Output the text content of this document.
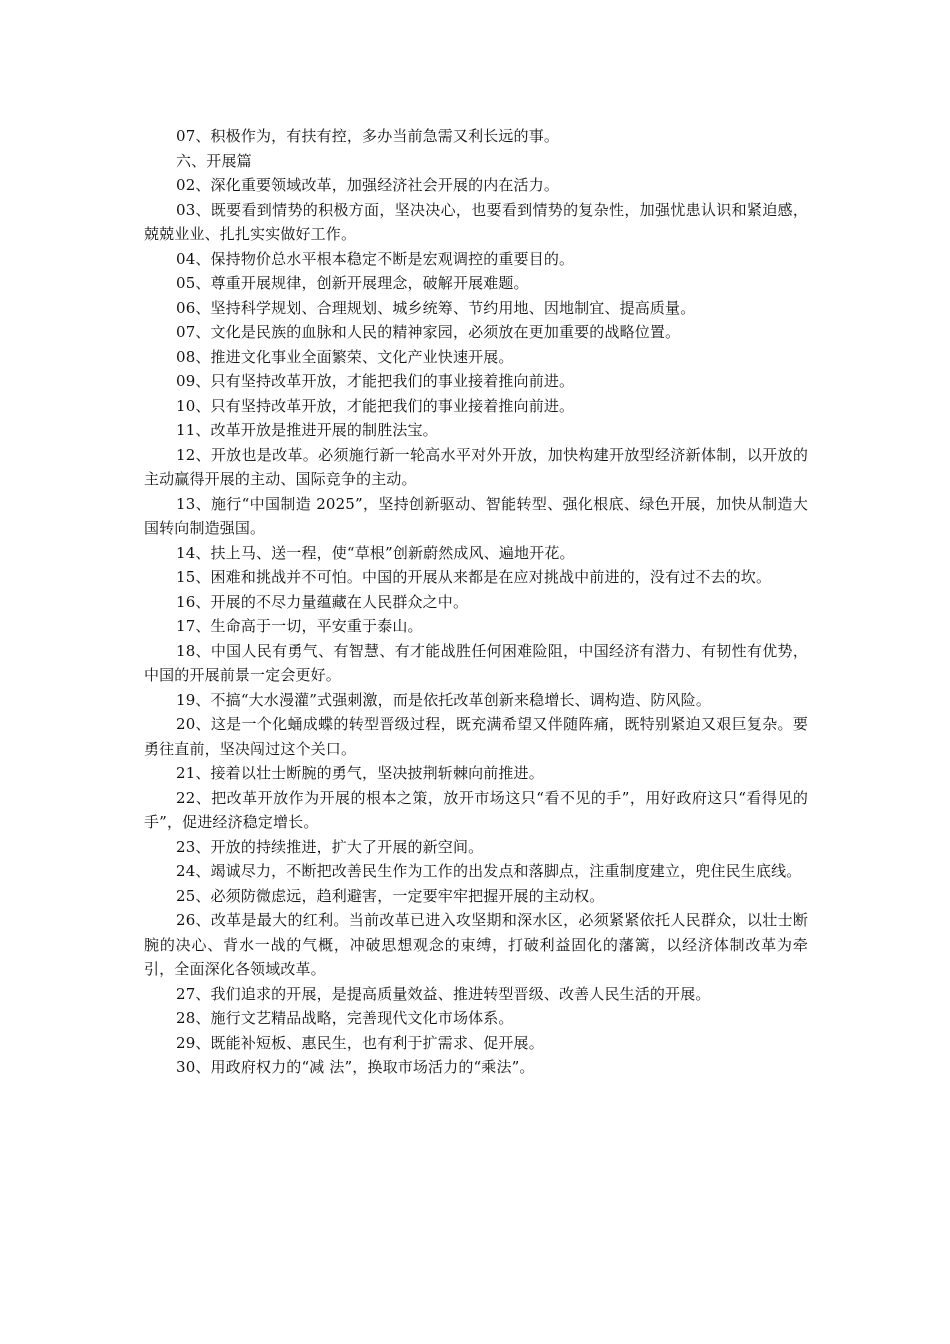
07、积极作为，有扶有控，多办当前急需又利长远的事。

六、开展篇

02、深化重要领域改革，加强经济社会开展的内在活力。

03、既要看到情势的积极方面，坚决决心，也要看到情势的复杂性，加强忧患认识和紧迫感，兢兢业业、扎扎实实做好工作。

04、保持物价总水平根本稳定不断是宏观调控的重要目的。

05、尊重开展规律，创新开展理念，破解开展难题。

06、坚持科学规划、合理规划、城乡统筹、节约用地、因地制宜、提高质量。

07、文化是民族的血脉和人民的精神家园，必须放在更加重要的战略位置。

08、推进文化事业全面繁荣、文化产业快速开展。

09、只有坚持改革开放，才能把我们的事业接着推向前进。

10、只有坚持改革开放，才能把我们的事业接着推向前进。

11、改革开放是推进开展的制胜法宝。

12、开放也是改革。必须施行新一轮高水平对外开放，加快构建开放型经济新体制，以开放的主动赢得开展的主动、国际竞争的主动。

13、施行“中国制造 2025”，坚持创新驱动、智能转型、强化根底、绿色开展，加快从制造大国转向制造强国。

14、扶上马、送一程，使“草根”创新蔚然成风、遍地开花。

15、困难和挑战并不可怕。中国的开展从来都是在应对挑战中前进的，没有过不去的坎。

16、开展的不尽力量蕴藏在人民群众之中。

17、生命高于一切，平安重于泰山。

18、中国人民有勇气、有智慧、有才能战胜任何困难险阻，中国经济有潜力、有韧性有优势，中国的开展前景一定会更好。

19、不搞“大水漫灌”式强刺激，而是依托改革创新来稳增长、调构造、防风险。

20、这是一个化蛹成蝶的转型晋级过程，既充满希望又伴随阵痛，既特别紧迫又艰巨复杂。要勇往直前，坚决闯过这个关口。

21、接着以壮士断腕的勇气，坚决披荆斩棘向前推进。

22、把改革开放作为开展的根本之策，放开市场这只“看不见的手”，用好政府这只“看得见的手”，促进经济稳定增长。

23、开放的持续推进，扩大了开展的新空间。

24、竭诚尽力，不断把改善民生作为工作的出发点和落脚点，注重制度建立，兜住民生底线。

25、必须防微虑远，趋利避害，一定要牢牢把握开展的主动权。

26、改革是最大的红利。当前改革已进入攻坚期和深水区，必须紧紧依托人民群众，以壮士断腕的决心、背水一战的气概，冲破思想观念的束缚，打破利益固化的藩篱，以经济体制改革为牵引，全面深化各领域改革。

27、我们追求的开展，是提高质量效益、推进转型晋级、改善人民生活的开展。

28、施行文艺精品战略，完善现代文化市场体系。

29、既能补短板、惠民生，也有利于扩需求、促开展。

30、用政府权力的“减 法”，换取市场活力的“乘法”。
